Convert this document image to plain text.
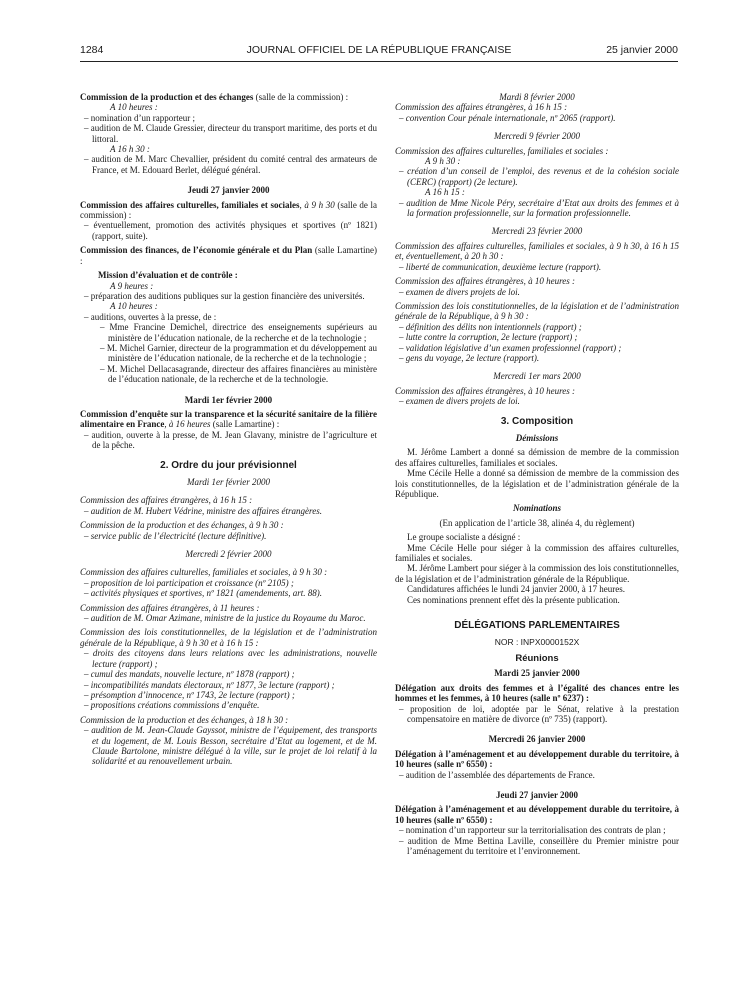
1284	JOURNAL OFFICIEL DE LA RÉPUBLIQUE FRANÇAISE	25 janvier 2000
Commission de la production et des échanges (salle de la commission) :
A 10 heures :
– nomination d’un rapporteur ;
– audition de M. Claude Gressier, directeur du transport maritime, des ports et du littoral.
A 16 h 30 :
– audition de M. Marc Chevallier, président du comité central des armateurs de France, et M. Edouard Berlet, délégué général.
Jeudi 27 janvier 2000
Commission des affaires culturelles, familiales et sociales, à 9 h 30 (salle de la commission) :
– éventuellement, promotion des activités physiques et sportives (nº 1821) (rapport, suite).
Commission des finances, de l’économie générale et du Plan (salle Lamartine) :
Mission d’évaluation et de contrôle :
A 9 heures :
– préparation des auditions publiques sur la gestion financière des universités.
A 10 heures :
– auditions, ouvertes à la presse, de :
– Mme Francine Demichel, directrice des enseignements supérieurs au ministère de l’éducation nationale, de la recherche et de la technologie ;
– M. Michel Garnier, directeur de la programmation et du développement au ministère de l’éducation nationale, de la recherche et de la technologie ;
– M. Michel Dellacasagrande, directeur des affaires financières au ministère de l’éducation nationale, de la recherche et de la technologie.
Mardi 1er février 2000
Commission d’enquête sur la transparence et la sécurité sanitaire de la filière alimentaire en France, à 16 heures (salle Lamartine) :
– audition, ouverte à la presse, de M. Jean Glavany, ministre de l’agriculture et de la pêche.
2. Ordre du jour prévisionnel
Mardi 1er février 2000
Commission des affaires étrangères, à 16 h 15 :
– audition de M. Hubert Védrine, ministre des affaires étrangères.
Commission de la production et des échanges, à 9 h 30 :
– service public de l’électricité (lecture définitive).
Mercredi 2 février 2000
Commission des affaires culturelles, familiales et sociales, à 9 h 30 :
– proposition de loi participation et croissance (nº 2105) ;
– activités physiques et sportives, nº 1821 (amendements, art. 88).
Commission des affaires étrangères, à 11 heures :
– audition de M. Omar Azimane, ministre de la justice du Royaume du Maroc.
Commission des lois constitutionnelles, de la législation et de l’administration générale de la République, à 9 h 30 et à 16 h 15 :
– droits des citoyens dans leurs relations avec les administrations, nouvelle lecture (rapport) ;
– cumul des mandats, nouvelle lecture, nº 1878 (rapport) ;
– incompatibilités mandats électoraux, nº 1877, 3e lecture (rapport) ;
– présomption d’innocence, nº 1743, 2e lecture (rapport) ;
– propositions créations commissions d’enquête.
Commission de la production et des échanges, à 18 h 30 :
– audition de M. Jean-Claude Gayssot, ministre de l’équipement, des transports et du logement, de M. Louis Besson, secrétaire d’Etat au logement, et de M. Claude Bartolone, ministre délégué à la ville, sur le projet de loi relatif à la solidarité et au renouvellement urbain.
Mardi 8 février 2000
Commission des affaires étrangères, à 16 h 15 :
– convention Cour pénale internationale, nº 2065 (rapport).
Mercredi 9 février 2000
Commission des affaires culturelles, familiales et sociales :
A 9 h 30 :
– création d’un conseil de l’emploi, des revenus et de la cohésion sociale (CERC) (rapport) (2e lecture).
A 16 h 15 :
– audition de Mme Nicole Péry, secrétaire d’Etat aux droits des femmes et à la formation professionnelle, sur la formation professionnelle.
Mercredi 23 février 2000
Commission des affaires culturelles, familiales et sociales, à 9 h 30, à 16 h 15 et, éventuellement, à 20 h 30 :
– liberté de communication, deuxième lecture (rapport).
Commission des affaires étrangères, à 10 heures :
– examen de divers projets de loi.
Commission des lois constitutionnelles, de la législation et de l’administration générale de la République, à 9 h 30 :
– définition des délits non intentionnels (rapport) ;
– lutte contre la corruption, 2e lecture (rapport) ;
– validation législative d’un examen professionnel (rapport) ;
– gens du voyage, 2e lecture (rapport).
Mercredi 1er mars 2000
Commission des affaires étrangères, à 10 heures :
– examen de divers projets de loi.
3. Composition
Démissions
M. Jérôme Lambert a donné sa démission de membre de la commission des affaires culturelles, familiales et sociales.
Mme Cécile Helle a donné sa démission de membre de la commission des lois constitutionnelles, de la législation et de l’administration générale de la République.
Nominations
(En application de l’article 38, alinéa 4, du règlement)
Le groupe socialiste a désigné :
Mme Cécile Helle pour siéger à la commission des affaires culturelles, familiales et sociales.
M. Jérôme Lambert pour siéger à la commission des lois constitutionnelles, de la législation et de l’administration générale de la République.
Candidatures affichées le lundi 24 janvier 2000, à 17 heures.
Ces nominations prennent effet dès la présente publication.
DÉLÉGATIONS PARLEMENTAIRES
NOR : INPX0000152X
Réunions
Mardi 25 janvier 2000
Délégation aux droits des femmes et à l’égalité des chances entre les hommes et les femmes, à 10 heures (salle nº 6237) :
– proposition de loi, adoptée par le Sénat, relative à la prestation compensatoire en matière de divorce (nº 735) (rapport).
Mercredi 26 janvier 2000
Délégation à l’aménagement et au développement durable du territoire, à 10 heures (salle nº 6550) :
– audition de l’assemblée des départements de France.
Jeudi 27 janvier 2000
Délégation à l’aménagement et au développement durable du territoire, à 10 heures (salle nº 6550) :
– nomination d’un rapporteur sur la territorialisation des contrats de plan ;
– audition de Mme Bettina Laville, conseillère du Premier ministre pour l’aménagement du territoire et l’environnement.
